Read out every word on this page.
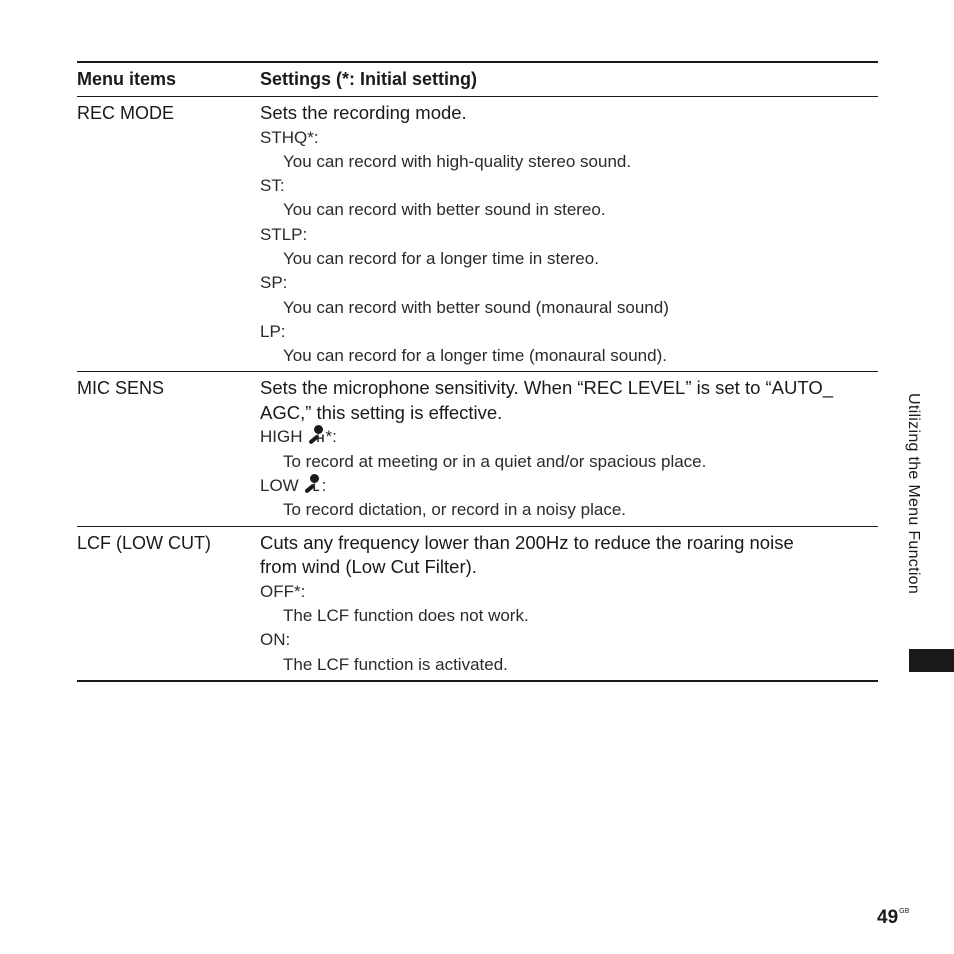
Menu items	Settings (*: Initial setting)
REC MODE	Sets the recording mode.
STHQ*:
You can record with high-quality stereo sound.
ST:
You can record with better sound in stereo.
STLP:
You can record for a longer time in stereo.
SP:
You can record with better sound (monaural sound)
LP:
You can record for a longer time (monaural sound).
MIC SENS	Sets the microphone sensitivity. When “REC LEVEL” is set to “AUTO_
AGC,” this setting is effective.
HIGH H *:
To record at meeting or in a quiet and/or spacious place.
LOW L :
To record dictation, or record in a noisy place.
LCF (LOW CUT)	Cuts any frequency lower than 200Hz to reduce the roaring noise
from wind (Low Cut Filter).
OFF*:
The LCF function does not work.
ON:
The LCF function is activated.
Utilizing the Menu Function
$49^{GB}$
